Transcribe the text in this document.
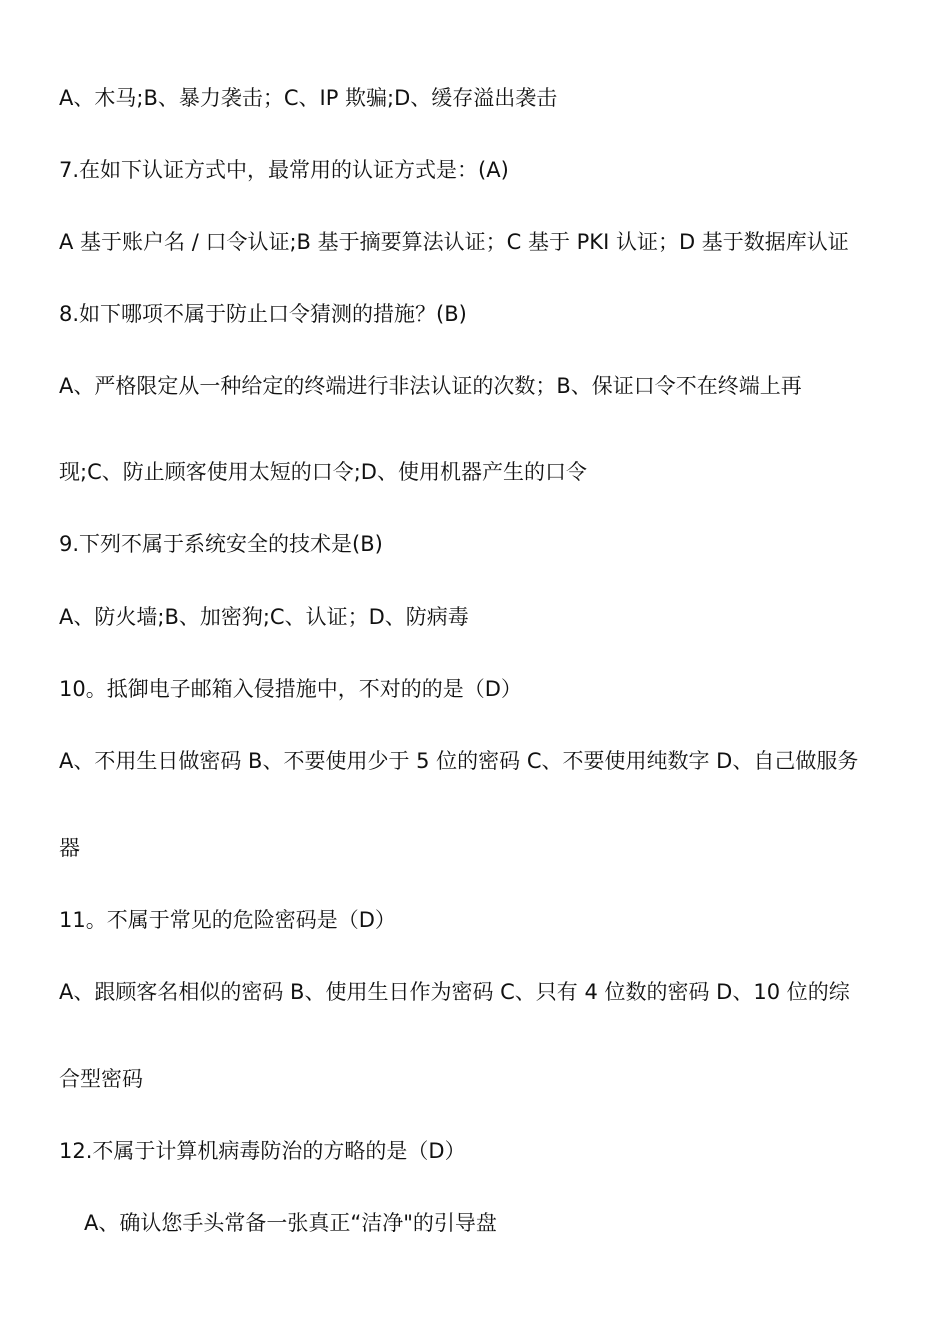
A、木马;B、暴力袭击；C、IP 欺骗;D、缓存溢出袭击
7.在如下认证方式中，最常用的认证方式是：(A)
A 基于账户名 / 口令认证;B 基于摘要算法认证；C 基于 PKI 认证；D 基于数据库认证
8.如下哪项不属于防止口令猜测的措施？(B)
A、严格限定从一种给定的终端进行非法认证的次数；B、保证口令不在终端上再
现;C、防止顾客使用太短的口令;D、使用机器产生的口令
9.下列不属于系统安全的技术是(B)
A、防火墙;B、加密狗;C、认证；D、防病毒
10。抵御电子邮箱入侵措施中，不对的的是（D）
A、不用生日做密码 B、不要使用少于 5 位的密码 C、不要使用纯数字 D、自己做服务
器
11。不属于常见的危险密码是（D）
A、跟顾客名相似的密码 B、使用生日作为密码 C、只有 4 位数的密码 D、10 位的综
合型密码
12.不属于计算机病毒防治的方略的是（D）
A、确认您手头常备一张真正“洁净"的引导盘
